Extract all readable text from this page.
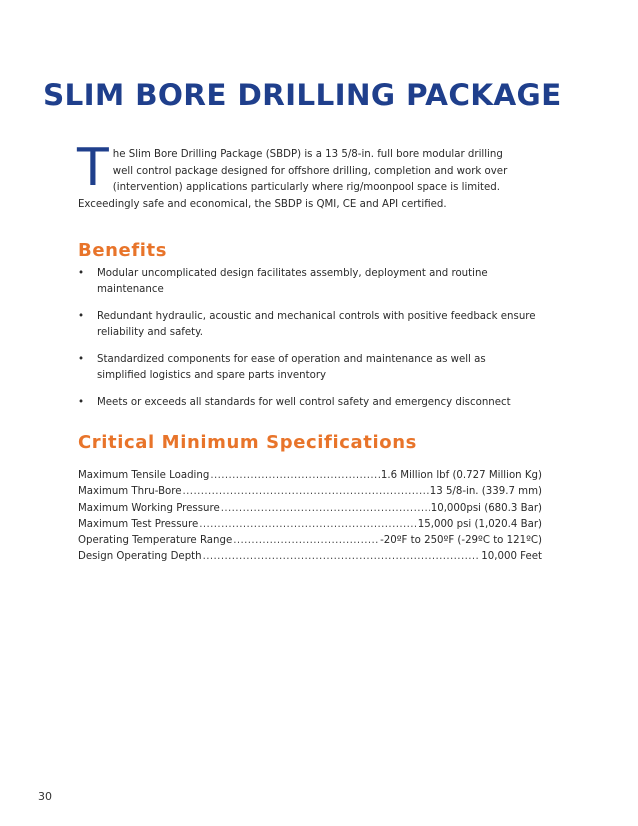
SLIM BORE DRILLING PACKAGE
T he Slim Bore Drilling Package (SBDP) is a 13 5/8-in. full bore modular drilling well control package designed for offshore drilling, completion and work over (intervention) applications particularly where rig/moonpool space is limited. Exceedingly safe and economical, the SBDP is QMI, CE and API certified.

Benefits
• Modular uncomplicated design facilitates assembly, deployment and routine maintenance
• Redundant hydraulic, acoustic and mechanical controls with positive feedback ensure reliability and safety.
• Standardized components for ease of operation and maintenance as well as simplified logistics and spare parts inventory
• Meets or exceeds all standards for well control safety and emergency disconnect
Critical Minimum Specifications
Maximum Tensile Loading .....	1.6 Million lbf (0.727 Million Kg)
Maximum Thru-Bore .....	13 5/8-in. (339.7 mm)
Maximum Working Pressure .....	10,000psi (680.3 Bar)
Maximum Test Pressure .....	15,000 psi (1,020.4 Bar)
Operating Temperature Range .....	-20ºF to 250ºF (-29ºC to 121ºC)
Design Operating Depth .....	10,000 Feet
30
